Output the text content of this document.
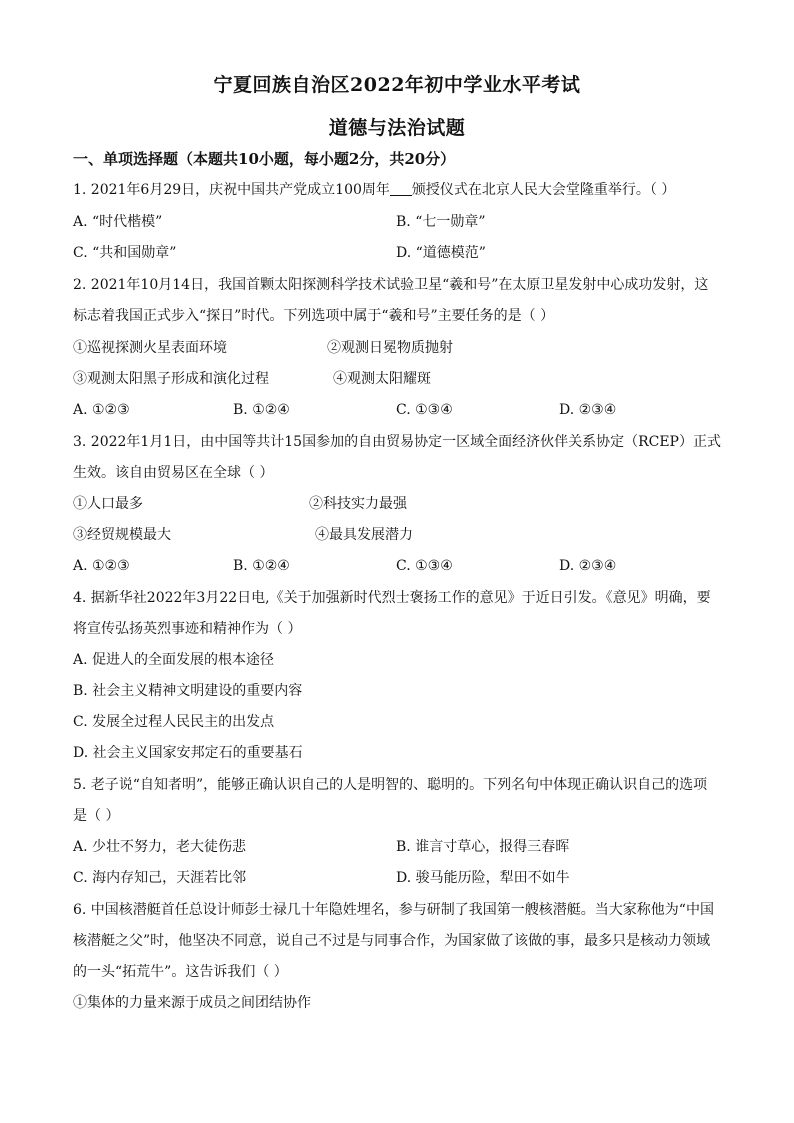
宁夏回族自治区2022年初中学业水平考试
道德与法治试题
一、单项选择题（本题共10小题，每小题2分，共20分）
1. 2021年6月29日，庆祝中国共产党成立100周年 颁授仪式在北京人民大会堂隆重举行。（ ）
A. “时代楷模”	B. “七一勋章”
C. “共和国勋章”	D. “道德模范”
2. 2021年10月14日，我国首颗太阳探测科学技术试验卫星“羲和号”在太原卫星发射中心成功发射，这
标志着我国正式步入“探日”时代。下列选项中属于“羲和号”主要任务的是（ ）
①巡视探测火星表面环境	②观测日冕物质抛射
③观测太阳黑子形成和演化过程	④观测太阳耀斑
A. ①②③	B. ①②④	C. ①③④	D. ②③④
3. 2022年1月1日，由中国等共计15国参加的自由贸易协定一区域全面经济伙伴关系协定（RCEP）正式
生效。该自由贸易区在全球（ ）
①人口最多	②科技实力最强
③经贸规模最大	④最具发展潜力
A. ①②③	B. ①②④	C. ①③④	D. ②③④
4. 据新华社2022年3月22日电,《关于加强新时代烈士褒扬工作的意见》于近日引发。《意见》明确，要
将宣传弘扬英烈事迹和精神作为（ ）
A. 促进人的全面发展的根本途径
B. 社会主义精神文明建设的重要内容
C. 发展全过程人民民主的出发点
D. 社会主义国家安邦定石的重要基石
5. 老子说“自知者明”，能够正确认识自己的人是明智的、聪明的。下列名句中体现正确认识自己的选项
是（ ）
A. 少壮不努力，老大徒伤悲	B. 谁言寸草心，报得三春晖
C. 海内存知己，天涯若比邻	D. 骏马能历险，犁田不如牛
6. 中国核潜艇首任总设计师彭士禄几十年隐姓埋名，参与研制了我国第一艘核潜艇。当大家称他为“中国
核潜艇之父”时，他坚决不同意，说自己不过是与同事合作，为国家做了该做的事，最多只是核动力领域
的一头“拓荒牛”。这告诉我们（ ）
①集体的力量来源于成员之间团结协作
